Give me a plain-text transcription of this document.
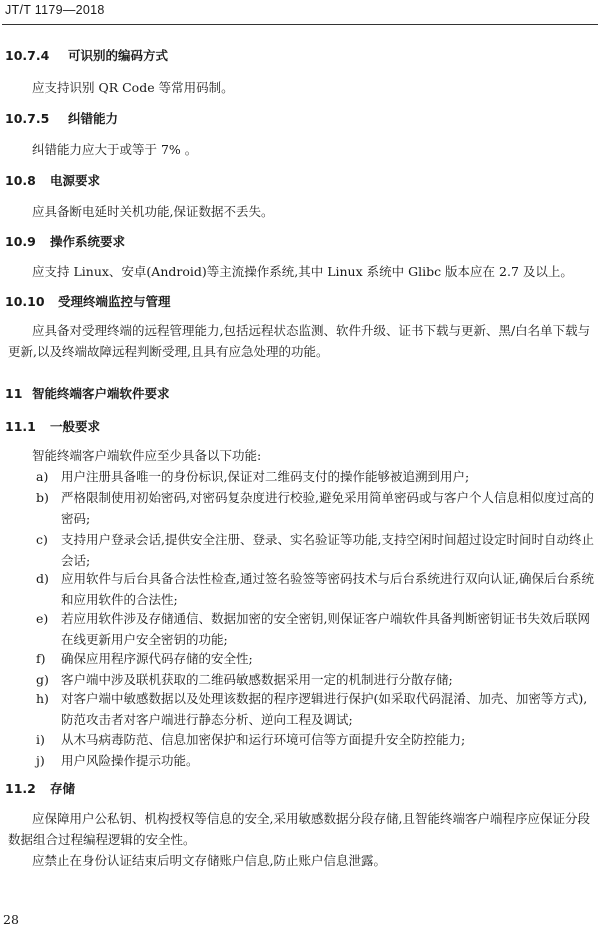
JT/T 1179—2018
10.7.4 可识别的编码方式
应支持识别 QR Code 等常用码制。
10.7.5 纠错能力
纠错能力应大于或等于 7% 。
10.8 电源要求
应具备断电延时关机功能,保证数据不丢失。
10.9 操作系统要求
应支持 Linux、安卓(Android)等主流操作系统,其中 Linux 系统中 Glibc 版本应在 2.7 及以上。
10.10 受理终端监控与管理
应具备对受理终端的远程管理能力,包括远程状态监测、软件升级、证书下载与更新、黑/白名单下载与更新,以及终端故障远程判断受理,且具有应急处理的功能。
11 智能终端客户端软件要求
11.1 一般要求
智能终端客户端软件应至少具备以下功能:
a) 用户注册具备唯一的身份标识,保证对二维码支付的操作能够被追溯到用户;
b) 严格限制使用初始密码,对密码复杂度进行校验,避免采用简单密码或与客户个人信息相似度过高的密码;
c) 支持用户登录会话,提供安全注册、登录、实名验证等功能,支持空闲时间超过设定时间时自动终止会话;
d) 应用软件与后台具备合法性检查,通过签名验签等密码技术与后台系统进行双向认证,确保后台系统和应用软件的合法性;
e) 若应用软件涉及存储通信、数据加密的安全密钥,则保证客户端软件具备判断密钥证书失效后联网在线更新用户安全密钥的功能;
f) 确保应用程序源代码存储的安全性;
g) 客户端中涉及联机获取的二维码敏感数据采用一定的机制进行分散存储;
h) 对客户端中敏感数据以及处理该数据的程序逻辑进行保护(如采取代码混淆、加壳、加密等方式),防范攻击者对客户端进行静态分析、逆向工程及调试;
i) 从木马病毒防范、信息加密保护和运行环境可信等方面提升安全防控能力;
j) 用户风险操作提示功能。
11.2 存储
应保障用户公私钥、机构授权等信息的安全,采用敏感数据分段存储,且智能终端客户端程序应保证分段数据组合过程编程逻辑的安全性。
应禁止在身份认证结束后明文存储账户信息,防止账户信息泄露。
28
